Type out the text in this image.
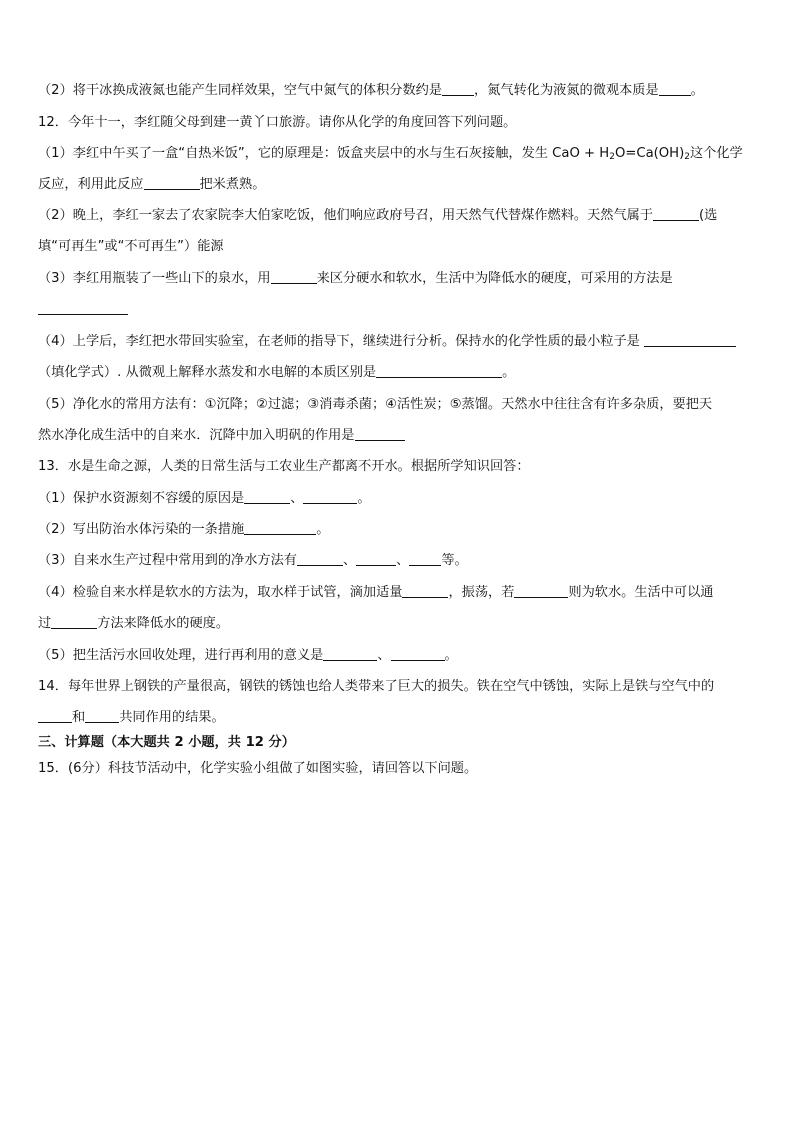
（2）将干冰换成液氮也能产生同样效果，空气中氮气的体积分数约是 ，氮气转化为液氮的微观本质是 。
12．今年十一，李红随父母到建一黄丫口旅游。请你从化学的角度回答下列问题。
（1）李红中午买了一盒“自热米饭”，它的原理是：饭盒夹层中的水与生石灰接触，发生 CaO + $H_2O=Ca(OH)_2$这个化学
反应，利用此反应	把米煮熟。
（2）晚上，李红一家去了农家院李大伯家吃饭，他们响应政府号召，用天然气代替煤作燃料。天然气属于	(选
填“可再生”或“不可再生”）能源
（3）李红用瓶装了一些山下的泉水，用	来区分硬水和软水，生活中为降低水的硬度，可采用的方法是
（4）上学后，李红把水带回实验室，在老师的指导下，继续进行分析。保持水的化学性质的最小粒子是
（填化学式）. 从微观上解释水蒸发和水电解的本质区别是	。
（5）净化水的常用方法有：①沉降；②过滤；③消毒杀菌；④活性炭；⑤蒸馏。天然水中往往含有许多杂质，要把天
然水净化成生活中的自来水．沉降中加入明矾的作用是
13．水是生命之源，人类的日常生活与工农业生产都离不开水。根据所学知识回答：
（1）保护水资源刻不容缓的原因是	、	。
（2）写出防治水体污染的一条措施	。
（3）自来水生产过程中常用到的净水方法有	、	、 等。
（4）检验自来水样是软水的方法为，取水样于试管，滴加适量	，振荡，若	则为软水。生活中可以通
过	方法来降低水的硬度。
（5）把生活污水回收处理，进行再利用的意义是	、	。
14．每年世界上钢铁的产量很高，钢铁的锈蚀也给人类带来了巨大的损失。铁在空气中锈蚀，实际上是铁与空气中的
和	共同作用的结果。
三、计算题（本大题共 2 小题，共 12 分）
15．(6分）科技节活动中，化学实验小组做了如图实验，请回答以下问题。
